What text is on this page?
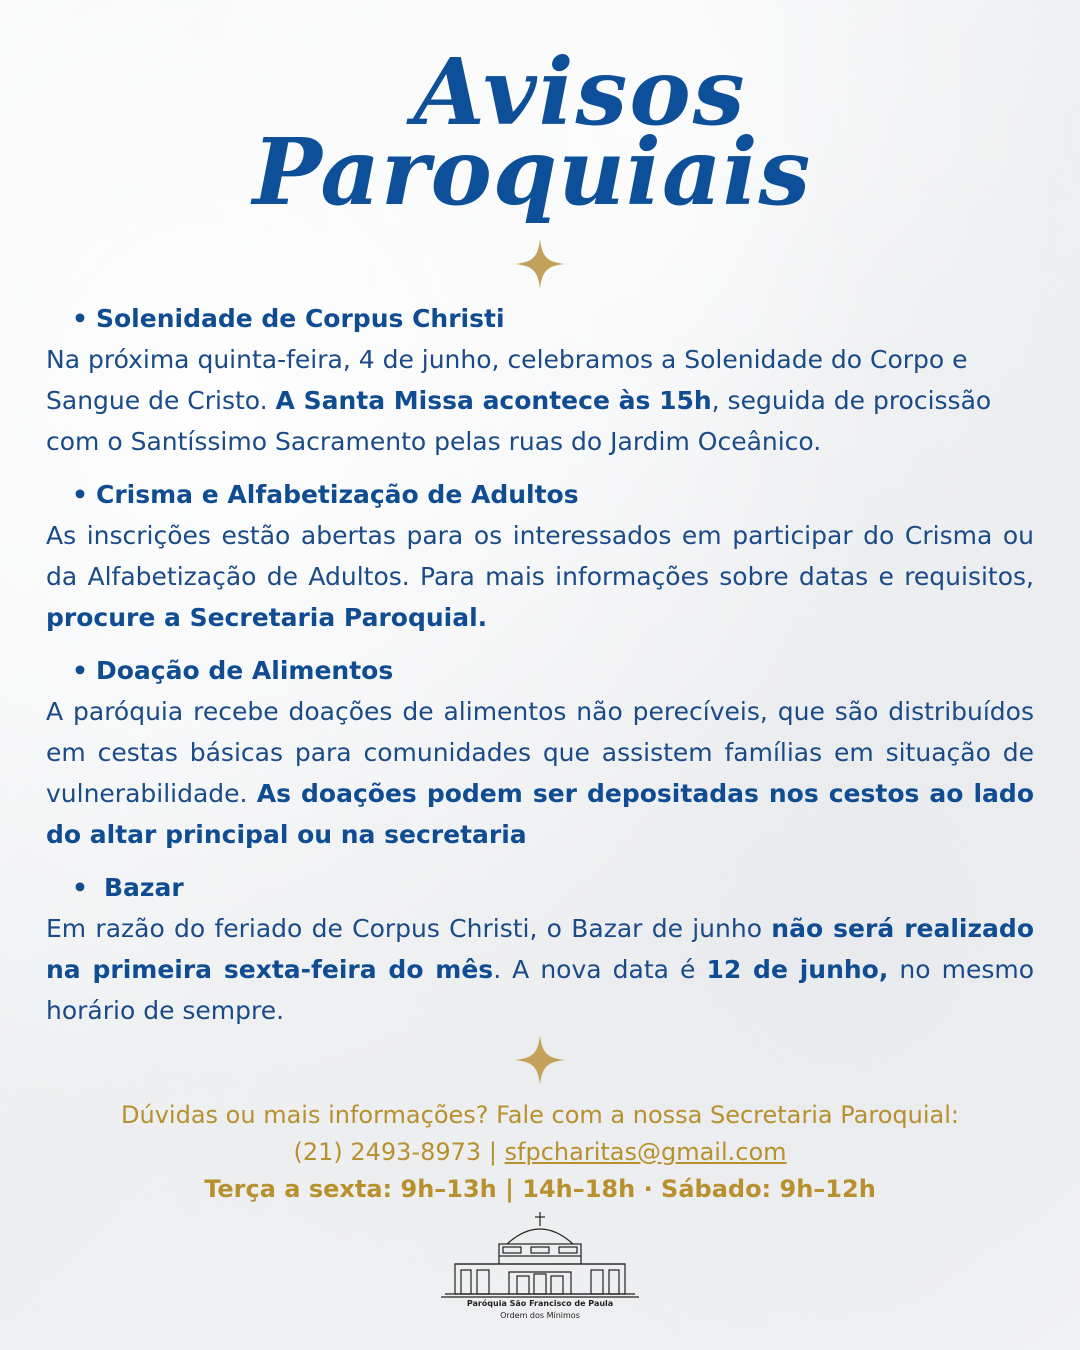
Avisos
Paroquiais

• Solenidade de Corpus Christi

Na próxima quinta-feira, 4 de junho, celebramos a Solenidade do Corpo e Sangue de Cristo. A Santa Missa acontece às 15h, seguida de procissão com o Santíssimo Sacramento pelas ruas do Jardim Oceânico.

• Crisma e Alfabetização de Adultos

As inscrições estão abertas para os interessados em participar do Crisma ou da Alfabetização de Adultos. Para mais informações sobre datas e requisitos, procure a Secretaria Paroquial.

• Doação de Alimentos

A paróquia recebe doações de alimentos não perecíveis, que são distribuídos em cestas básicas para comunidades que assistem famílias em situação de vulnerabilidade. As doações podem ser depositadas nos cestos ao lado do altar principal ou na secretaria

• Bazar

Em razão do feriado de Corpus Christi, o Bazar de junho não será realizado na primeira sexta-feira do mês. A nova data é 12 de junho, no mesmo horário de sempre.

Dúvidas ou mais informações? Fale com a nossa Secretaria Paroquial:
(21) 2493-8973 | sfpcharitas@gmail.com
Terça a sexta: 9h–13h | 14h–18h · Sábado: 9h–12h
Paróquia São Francisco de Paula
Ordem dos Mínimos
